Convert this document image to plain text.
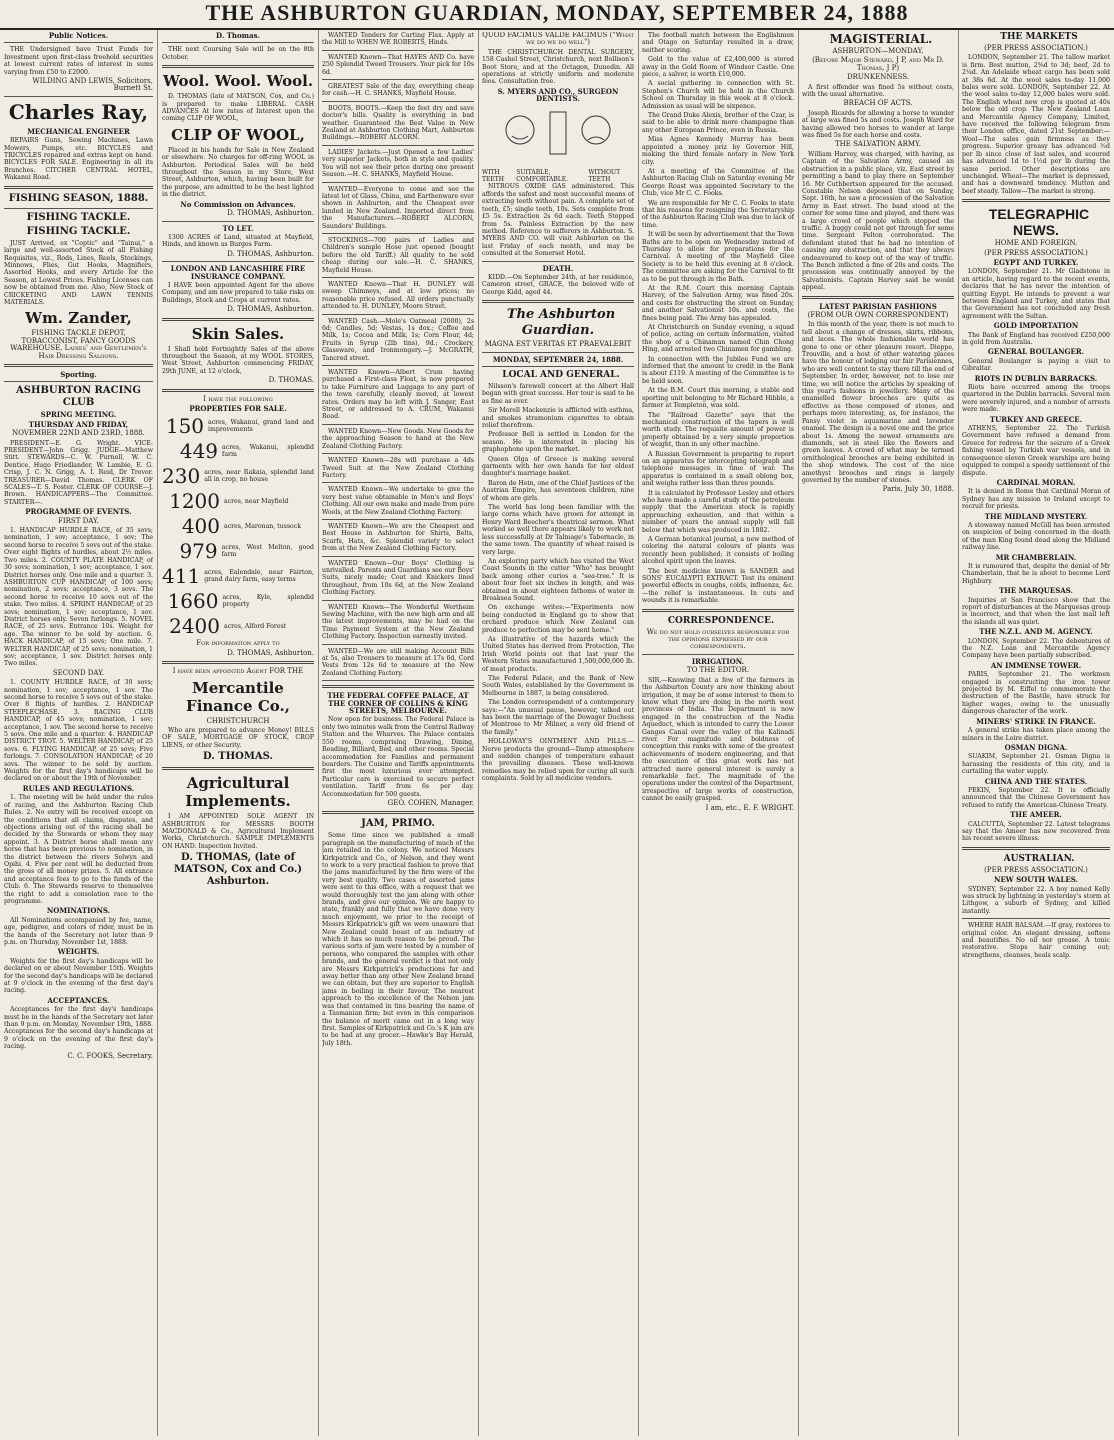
THE ASHBURTON GUARDIAN, MONDAY, SEPTEMBER 24, 1888

Public Notices.

THE Undersigned have Trust Funds for Investment upon first-class freehold securities at lowest current rates of interest in sums varying from £50 to £2000.

WILDING AND LEWIS, Solicitors, Burnett St.

Charles Ray,

MECHANICAL ENGINEER

REPAIRS Guns, Sewing Machines, Lawn Mowers, Pumps, etc. BICYCLES and TRICYCLES repaired and extras kept on hand. BICYCLES FOR SALE. Engineering in all its Branches. CITCHER CENTRAL HOTEL, Wakanui Road.

FISHING SEASON, 1888.

FISHING TACKLE.

FISHING TACKLE.

JUST Arrived, ex "Coptic" and "Tainui," a large and well-assorted Stock of all Fishing Requisites, viz., Rods, Lines, Reels, Stockings, Minnows, Flies, Gut Hooks, Magnifiers, Assorted Hooks, and every Article for the Season, at Lowest Prices. Fishing Licenses can now be obtained from me. Also, New Stock of CRICKETING AND LAWN TENNIS MATERIALS.

Wm. Zander,

FISHING TACKLE DEPOT, TOBACCONIST, FANCY GOODS WAREHOUSE. Ladies' and Gentlemen's Hair Dressing Saloons.

Sporting.

ASHBURTON RACING CLUB

SPRING MEETING.

THURSDAY AND FRIDAY,

NOVEMBER 22ND AND 23RD, 1888.

PRESIDENT—E. G. Wright. VICE-PRESIDENT—John Grigg. JUDGE—Matthew Stitt. STEWARDS—C. W. Purnell, W. C. Dentice, Hugo Friedlander, W. Lambie, E. G. Crisp, J. C. N. Grigg, A. I. Reid, Dr Trevor. TREASURER—David Thomas. CLERK OF SCALES—T. S. Foster. CLERK OF COURSE—J. Brown. HANDICAPPERS—The Committee. STARTER—.

PROGRAMME OF EVENTS.

FIRST DAY.

1. HANDICAP HURDLE RACE, of 35 sovs; nomination, 1 sov; acceptance, 1 sov; The second horse to receive 5 sovs out of the stake. Over eight flights of hurdles, about 2½ miles. Two miles. 2. COUNTY PLATE HANDICAP, of 30 sovs; nomination, 1 sov; acceptance, 1 sov. District horses only. One mile and a quarter. 3. ASHBURTON CUP HANDICAP, of 100 sovs; nomination, 2 sovs; acceptance, 3 sovs. The second horse to receive 10 sovs out of the stake. Two miles. 4. SPRINT HANDICAP, of 25 sovs; nomination, 1 sov; acceptance, 1 sov. District horses only. Seven furlongs. 5. NOVEL RACE, of 25 sovs. Entrance 10s. Weight for age. The winner to be sold by auction. 6. HACK HANDICAP, of 15 sovs; One mile. 7. WELTER HANDICAP, of 25 sovs; nomination, 1 sov; acceptance, 1 sov. District horses only. Two miles.

SECOND DAY.

1. COUNTY HURDLE RACE, of 30 sovs; nomination, 1 sov; acceptance, 1 sov. The second horse to receive 5 sovs out of the stake. Over 8 flights of hurdles. 2. HANDICAP STEEPLECHASE. 3. RACING CLUB HANDICAP, of 45 sovs; nomination, 1 sov; acceptance, 1 sov. The second horse to receive 5 sovs. One mile and a quarter. 4. HANDICAP DISTRICT TROT. 5. WELTER HANDICAP, of 25 sovs. 6. FLYING HANDICAP, of 25 sovs; Five furlongs. 7. CONSOLATION HANDICAP, of 20 sovs. The winner to be sold by auction. Weights for the first day's handicaps will be declared on or about the 19th of November.

RULES AND REGULATIONS.

1. The meeting will be held under the rules of racing, and the Ashburton Racing Club Rules. 2. No entry will be received except on the conditions that all claims, disputes, and objections arising out of the racing shall be decided by the Stewards or whom they may appoint. 3. A District horse shall mean any horse that has been previous to nomination, in the district between the rivers Selwyn and Opihi. 4. Five per cent will be deducted from the gross of all money prizes. 5. All entrance and acceptance fees to go to the funds of the Club. 6. The Stewards reserve to themselves the right to add a consolation race to the programme.

NOMINATIONS.

All Nominations accompanied by fee, name, age, pedigree, and colors of rider, must be in the hands of the Secretary not later than 9 p.m. on Thursday, November 1st, 1888.

WEIGHTS.

Weights for the first day's handicaps will be declared on or about November 15th. Weights for the second day's handicaps will be declared at 9 o'clock in the evening of the first day's racing.

ACCEPTANCES.

Acceptances for the first day's handicaps must be in the hands of the Secretary not later than 9 p.m. on Monday, November 19th, 1888. Acceptances for the second day's handicaps at 9 o'clock on the evening of the first day's racing.

C. C. FOOKS, Secretary.

D. Thomas.

THE next Coursing Sale will be on the 8th October.

Wool. Wool. Wool.

D. THOMAS (late of MATSON, Cox, and Co.) is prepared to make LIBERAL CASH ADVANCES At low rates of Interest upon the coming CLIP OF WOOL,

CLIP OF WOOL,

Placed in his hands for Sale in New Zealand or elsewhere. No charges for off-ring WOOL in Ashburton. Periodical Sales will be held throughout the Season in my Store, West Street, Ashburton, which, having been built for the purpose, are admitted to be the best lighted in the district.

No Commission on Advances.

D. THOMAS, Ashburton.

TO LET.

1300 ACRES of Land, situated at Mayfield, Hinds, and known as Burges Farm.

D. THOMAS, Ashburton.

LONDON AND LANCASHIRE FIRE INSURANCE COMPANY.

I HAVE been appointed Agent for the above Company, and am now prepared to take risks on Buildings, Stock and Crops at current rates.

D. THOMAS, Ashburton.

Skin Sales.

I Shall hold Fortnightly Sales of the above throughout the Season, at my WOOL STORES, West Street, Ashburton commencing FRIDAY, 29th JUNE, at 12 o'clock,

D. THOMAS.

I have the following

PROPERTIES FOR SALE.

150 acres, Wakanui, grand land and improvements
449 acres, Wakanui, splendid farm
230 acres, near Rakaia, splendid land all in crop, no house
1200 acres, near Mayfield
400 acres, Maronan, tussock
979 acres, West Melton, good farm
411 acres, Ealendale, near Fairton, grand dairy farm, easy terms
1660 acres, Kyle, splendid property
2400 acres, Alford Forest

For information apply to

D. THOMAS, Ashburton.

I have been appointed Agent FOR THE

Mercantile Finance Co.,

CHRISTCHURCH

Who are prepared to advance Money! BILLS OF SALE, MORTGAGE OF STOCK, CROP LIENS, or other Security.

D. THOMAS.

Agricultural Implements.

I AM APPOINTED SOLE AGENT IN ASHBURTON for MESSRS BOOTH MACDONALD & Co., Agricultural Implement Works, Christchurch. SAMPLE IMPLEMENTS ON HAND. Inspection Invited.

D. THOMAS, (late of MATSON, Cox and Co.) Ashburton.

WANTED Tenders for Carting Flax. Apply at the Mill to WHEN WE ROBERTS, Hinds.

WANTED Known—That HAYES AND Co. have 250 Splendid Tweed Trousers. Your pick for 10s 6d.

GREATEST Sale of the day, everything cheap for cash.—H. C. SHANKS, Mayfield House.

BOOTS, BOOTS.—Keep the feet dry and save doctor's bills. Quality is everything in bad weather. Guaranteed the Best Value in New Zealand at Ashburton Clothing Mart, Ashburton Buildings.—ROBERT ALCORN.

LADIES' Jackets.—Just Opened a few Ladies' very superior Jackets, both in style and quality. You will not see their price during one present Season.—H. C. SHANKS, Mayfield House.

WANTED—Everyone to come and see the latest lot of Glass, China, and Earthenware ever shown in Ashburton, and the Cheapest ever landed in New Zealand. Imported direct from the Manufacturers.—ROBERT ALCORN, Saunders' Buildings.

STOCKINGS—700 pairs of Ladies and Children's sample Hose just opened (bought before the old Tariff.) All quality to be sold cheap during our sale.—H. C. SHANKS, Mayfield House.

WANTED Known—That H. DUNLEY will sweep Chimneys, and at low prices; no reasonable price refused. All orders punctually attended to. H. DUNLEY, Moore Street.

WANTED Cash.—Mole's Oatmeal (2000), 2s 6d; Candles, 5d; Vestas, 1s dox.; Coffee and Milk, 1s; Cocoa and Milk, 1s; Corn Flour, 4d; Fruits in Syrup (2lb tins), 9d.; Crockery, Glassware, and Ironmongery.—J. McGRATH, Tancred street.

WANTED Known—Albert Crum having purchased a First-class Float, is now prepared to take Furniture and Luggage to any part of the town carefully, cleanly moved, at lowest rates. Orders may be left with J. Sanger, East Street, or addressed to A. CRUM, Wakanui Road.

WANTED Known—New Goods. New Goods for the approaching Season to hand at the New Zealand Clothing Factory.

WANTED Known—28s will purchase a 4ds Tweed Suit at the New Zealand Clothing Factory.

WANTED Known—We undertake to give the very best value obtainable in Men's and Boys' Clothing. All our own make and made from pure Wools, at the New Zealand Clothing Factory.

WANTED Known—We are the Cheapest and Best House in Ashburton for Shirts, Belts, Scarfs, Hats, &c. Splendid variety to select from at the New Zealand Clothing Factory.

WANTED Known—Our Boys' Clothing is unrivalled. Parents and Guardians see our Boys' Suits, nicely made; Coat and Knickers lined throughout, from 10s 6d, at the New Zealand Clothing Factory.

WANTED Known—The Wonderful Wertheim Sewing Machine, with the new high arm and all the latest improvements, may be had on the Time Payment System at the New Zealand Clothing Factory. Inspection earnestly invited.

WANTED—We are still making Account Bills at 5s, also Trousers to measure at 17s 6d, Cord Vests from 12s 6d to measure at the New Zealand Clothing Factory.

THE FEDERAL COFFEE PALACE, AT THE CORNER OF COLLINS & KING STREETS, MELBOURNE.

Now open for business. The Federal Palace is only two minutes walk from the Central Railway Station and the Wharves. The Palace contains 550 rooms, comprising Drawing, Dining, Reading, Billiard, Bed, and other rooms. Special accommodation for Families and permanent boarders. The Cuisine and Tariffs appointments first the most luxurious ever attempted. Particular care is exercised to secure perfect ventilation. Tariff from 6s per day. Accommodation for 500 guests.

GEO. COHEN, Manager.

JAM, PRIMO.

Some time since we published a small paragraph on the manufacturing of much of the jam retailed in the colony. We noticed Messrs Kirkpatrick and Co., of Nelson, and they went to work to a very practical fashion to prove that the jams manufactured by the firm were of the very best quality. Two cases of assorted jams were sent to this office, with a request that we would thoroughly test the jam along with other brands, and give our opinion. We are happy to state, frankly and fully that we have done very much enjoyment, we prior to the receipt of Messrs Kirkpatrick's gift we were unaware that New Zealand could boast of an industry of which it has so much reason to be proud. The various sorts of jam were tested by a number of persons, who compared the samples with other brands, and the general verdict is that not only are Messrs Kirkpatrick's productions far and away better than any other New Zealand brand we can obtain, but they are superior to English jams in boiling in their favour. The nearest approach to the excellence of the Nelson jam was that contained in tins bearing the name of a Tasmanian firm; but even in this comparison the balance of merit came out in a long way first. Samples of Kirkpatrick and Co.'s K jam are to be had at any grocer.—Hawke's Bay Herald, July 18th.

QUOD FACIMUS VALDE FACIMUS ("What we do we do well")

THE CHRISTCHURCH DENTAL SURGERY, 158 Cashel Street, Christchurch, next Bollison's Boot Store, and at the Octagon, Dunedin. All operations at strictly uniform and moderate fees. Consultation free.

S. MYERS AND CO., SURGEON DENTISTS.

WITH TEETH
SUITABLE, COMFORTABLE.
WITHOUT TEETH

NITROUS OXIDE GAS administered. This affords the safest and most successful means of extracting teeth without pain. A complete set of teeth, £5; single teeth, 10s. Sets complete from £5 5s. Extraction 2s 6d each. Teeth Stopped from 5s. Painless Extraction by the new method. Reference to sufferers in Ashburton. S. MYERS AND CO. will visit Ashburton on the last Friday of each month, and may be consulted at the Somerset Hotel.

DEATH.

KIDD.—On September 24th, at her residence, Cameron street, GRACE, the beloved wife of George Kidd, aged 44.

The Ashburton Guardian.

MAGNA EST VERITAS ET PRAEVALEBIT

MONDAY, SEPTEMBER 24, 1888.

LOCAL AND GENERAL.

Nilsson's farewell concert at the Albert Hall began with great success. Her tour is said to be as fine as ever.

Sir Morell Mackenzie is afflicted with asthma, and smokes stramonium cigarettes to obtain relief therefrom.

Professor Bell is settled in London for the season. He is interested in placing his graphophone upon the market.

Queen Olga of Greece is making several garments with her own hands for her eldest daughter's marriage basket.

Baron de Hein, one of the Chief Justices of the Austrian Empire, has seventeen children, nine of whom are girls.

The world has long been familiar with the large corns which have grown for attempt in Henry Ward Beecher's theatrical sermon. What worked so well there appears likely to work not less successfully at Dr Talmage's Tabernacle, in the same town. The quantity of wheat raised is very large.

An exploring party which has visited the West Coast Sounds in the cutter "Who" has brought back among other curios a "sea-tree." It is about four feet six inches in length, and was obtained in about eighteen fathoms of water in Breaksea Sound.

On exchange writes:—"Experiments now being conducted in England go to show that orchard produce which New Zealand can produce to perfection may be sent home."

As illustrative of the hazards which the United States has derived from Protection, The Irish World points out that last year the Western States manufactured 1,500,000,000 lb. of meat products.

The Federal Palace, and the Bank of New South Wales, established by the Government in Melbourne in 1887, is being considered.

The London correspondent of a contemporary says:—"An unusual pause, however, talked out has been the marriage of the Dowager Duchess of Montrose to Mr Milner, a very old friend of the family."

HOLLOWAY'S OINTMENT AND PILLS.—Nerve products the ground—Damp atmosphere and sudden changes of temperature exhaust the prevailing diseases. These well-known remedies may be relied upon for curing all such complaints. Sold by all medicine vendors.

The football match between the Englishmen and Otago on Saturday resulted in a draw, neither scoring.

Gold to the value of £2,400,000 is stored away in the Gold Room of Windsor Castle. One piece, a salver, is worth £10,000.

A social gathering in connection with St. Stephen's Church will be held in the Church School on Thursday in this week at 8 o'clock. Admission as usual will be sixpence.

The Grand Duke Alexis, brother of the Czar, is said to be able to drink more champagne than any other European Prince, even in Russia.

Miss Agnes Kennedy Murray has been appointed a money priz by Governor Hill, making the third female notary in New York city.

At a meeting of the Committee of the Ashburton Racing Club on Saturday evening Mr George Roast was appointed Secretary to the Club, vice Mr C. C. Fooks.

We are responsible for Mr C. C. Fooks to state that his reasons for resigning the Secretaryship of the Ashburton Racing Club was due to lack of time.

It will be seen by advertisement that the Town Baths are to be open on Wednesday instead of Thursday to allow for preparations for the Carnival. A meeting of the Mayfield Glee Society is to be held this evening at 8 o'clock. The committee are asking for the Carnival to fit as to be put through in the Bath.

At the R.M. Court this morning Captain Harvey, of the Salvation Army, was fined 20s. and costs for obstructing the street on Sunday, and another Salvationist 10s. and costs, the fines being paid. The Army has appealed.

At Christchurch on Sunday evening, a squad of police, acting on certain information, visited the shop of a Chinaman named Chin Chong Hing, and arrested two Chinamen for gambling.

In connection with the Jubilee Fund we are informed that the amount to credit in the Bank is about £119. A meeting of the Committee is to be held soon.

At the B.M. Court this morning, a stable and sporting unit belonging to Mr Richard Hibble, a farmer at Templeton, was sold.

The "Railroad Gazette" says that the mechanical construction of the tapers is well worth study. The requisite amount of power is properly obtained by a very simple proportion of weight, than in any other machine.

A Russian Government is preparing to report on an apparatus for intercepting telegraph and telephone messages in time of war. The apparatus is contained in a small oblong box, and weighs rather less than three pounds.

It is calculated by Professor Lesley and others who have made a careful study of the petroleum supply that the American stock is rapidly approaching exhaustion, and that within a number of years the annual supply will fall below that which was produced in 1882.

A German botanical journal, a new method of coloring the natural colours of plants was recently been published; it consists of boiling alcohol spirit upon the leaves.

The best medicine known is SANDER and SONS' EUCALYPTI EXTRACT. Test its eminent powerful effects in coughs, colds, influenza, &c.—the relief is instantaneous. In cuts and wounds it is remarkable.

CORRESPONDENCE.

We do not hold ourselves responsible for the opinions expressed by our correspondents.

IRRIGATION.

TO THE EDITOR.

SIR,—Knowing that a few of the farmers in the Ashburton County are now thinking about irrigation, it may be of some interest to them to know what they are doing in the north west provinces of India. The Department is now engaged in the construction of the Nadia Aqueduct, which is intended to carry the Lower Ganges Canal over the valley of the Kalinadi river. For magnitude and boldness of conception this ranks with some of the greatest achievements of modern engineering, and that the execution of this great work has not attracted more general interest is surely a remarkable fact. The magnitude of the operations under the control of the Department, irrespective of large works of construction, cannot be easily grasped.

I am, etc., E. F. WRIGHT.

MAGISTERIAL.

ASHBURTON—MONDAY.

(Before Major Steward, J P, and Mr D. Thomas, J P)

DRUNKENNESS.

A first offender was fined 5s without costs, with the usual alternative.

BREACH OF ACTS.

Joseph Ricards for allowing a horse to wander at large was fined 5s and costs. Joseph Ward for having allowed two horses to wander at large was fined 5s for each horse and costs.

THE SALVATION ARMY.

William Harvey, was charged, with having, as Captain of the Salvation Army, caused an obstruction in a public place, viz. East street by permitting a band to play there on September 16. Mr Cuthbertson appeared for the accused. Constable Nelson deposed that on Sunday, Sept. 16th, he saw a procession of the Salvation Army in East street. The band stood at the corner for some time and played, and there was a large crowd of people which stopped the traffic. A buggy could not get through for some time. Sergeant Felton corroborated. The defendant stated that he had no intention of causing any obstruction, and that they always endeavoured to keep out of the way of traffic. The Bench inflicted a fine of 20s and costs. The procession was continually annoyed by the Salvationists. Captain Harvey said he would appeal.

LATEST PARISIAN FASHIONS

(FROM OUR OWN CORRESPONDENT)

In this month of the year, there is not much to tell about a change of dresses, skirts, ribbons, and laces. The whole fashionable world has gone to one or other pleasure resort. Dieppe, Trouville, and a host of other watering places have the honour of lodging our fair Parisiennes, who are well content to stay there till the end of September. In order, however, not to lose our time, we will notice the articles by speaking of this year's fashions in jewellery. Many of the enamelled flower brooches are quite as effective as those composed of stones, and perhaps more interesting, as, for instance, the Pansy violet in aquamarine and lavender enamel. The design is a novel one and the price about 1s. Among the newest ornaments are diamonds, set in steel like the flowers and green leaves. A crowd of what may be termed ornithological brooches are being exhibited in the shop windows. The cost of the nice amethyst brooches and rings is largely governed by the number of stones.

Paris, July 30, 1888.

THE MARKETS

(PER PRESS ASSOCIATION.)

LONDON, September 21. The tallow market is firm. Best mutton, 2⅝d to 3d; beef, 2d to 2¼d. An Adelaide wheat cargo has been sold at 38s 6d. At the wool sales to-day 11,000 bales were sold. LONDON, September 22. At the wool sales to-day 12,000 bales were sold. The English wheat new crop is quoted at 40s below the old crop. The New Zealand Loan and Mercantile Agency Company, Limited, have received the following telegram from their London office, dated 21st September:—Wool—The sales gain firmness as they progress. Superior greasy has advanced ½d per lb since close of last sales, and scoured has advanced 1d to 1½d per lb during the same period. Other descriptions are unchanged. Wheat—The market is depressed, and has a downward tendency. Mutton and beef steady. Tallow—The market is strong.

TELEGRAPHIC NEWS.

HOME AND FOREIGN.

(PER PRESS ASSOCIATION.)

EGYPT AND TURKEY.

LONDON, September 21. Mr Gladstone in an article, having regard to the recent events, declares that he has never the intention of quitting Egypt. He intends to prevent a war between England and Turkey, and states that the Government has not concluded any fresh agreement with the Sultan.

GOLD IMPORTATION

The Bank of England has received £250,000 in gold from Australia.

GENERAL BOULANGER.

General Boulanger is paying a visit to Gibraltar.

RIOTS IN DUBLIN BARRACKS.

Riots have occurred among the troops quartered in the Dublin barracks. Several men were severely injured, and a number of arrests were made.

TURKEY AND GREECE.

ATHENS, September 22. The Turkish Government have refused a demand from Greece for redress for the seizure of a Greek fishing vessel by Turkish war vessels, and in consequence eleven Greek warships are being equipped to compel a speedy settlement of the dispute.

CARDINAL MORAN.

It is denied in Rome that Cardinal Moran of Sydney has any mission to Ireland except to recruit for priests.

THE MIDLAND MYSTERY.

A stowaway named McGill has been arrested on suspicion of being concerned in the death of the man King found dead along the Midland railway line.

MR CHAMBERLAIN.

It is rumoured that, despite the denial of Mr Chamberlain, that he is about to become Lord Highbury.

THE MARQUESAS.

Inquiries at San Francisco show that the report of disturbances at the Marquesas group is incorrect, and that when the last mail left the islands all was quiet.

THE N.Z.L. AND M. AGENCY.

LONDON, September 22. The debentures of the N.Z. Loan and Mercantile Agency Company have been partially subscribed.

AN IMMENSE TOWER.

PARIS, September 21. The workmen engaged in constructing the iron tower projected by M. Eiffel to commemorate the destruction of the Bastile, have struck for higher wages, owing to the unusually dangerous character of the work.

MINERS' STRIKE IN FRANCE.

A general strike has taken place among the miners in the Loire district.

OSMAN DIGNA.

SUAKIM, September 21. Osman Digna is harassing the residents of this city, and is curtailing the water supply.

CHINA AND THE STATES.

PEKIN, September 22. It is officially announced that the Chinese Government has refused to ratify the American-Chinese Treaty.

THE AMEER.

CALCUTTA, September 22. Latest telegrams say that the Ameer has now recovered from his recent severe illness.

AUSTRALIAN.

(PER PRESS ASSOCIATION.)

NEW SOUTH WALES.

SYDNEY, September 22. A boy named Kelly was struck by lightning in yesterday's storm at Lithgow, a suburb of Sydney, and killed instantly.

WHERE HAIR BALSAM.—If gray, restores to original color. An elegant dressing, softens and beautifies. No oil nor grease. A tonic restorative. Stops hair coming out; strengthens, cleanses, heals scalp.
